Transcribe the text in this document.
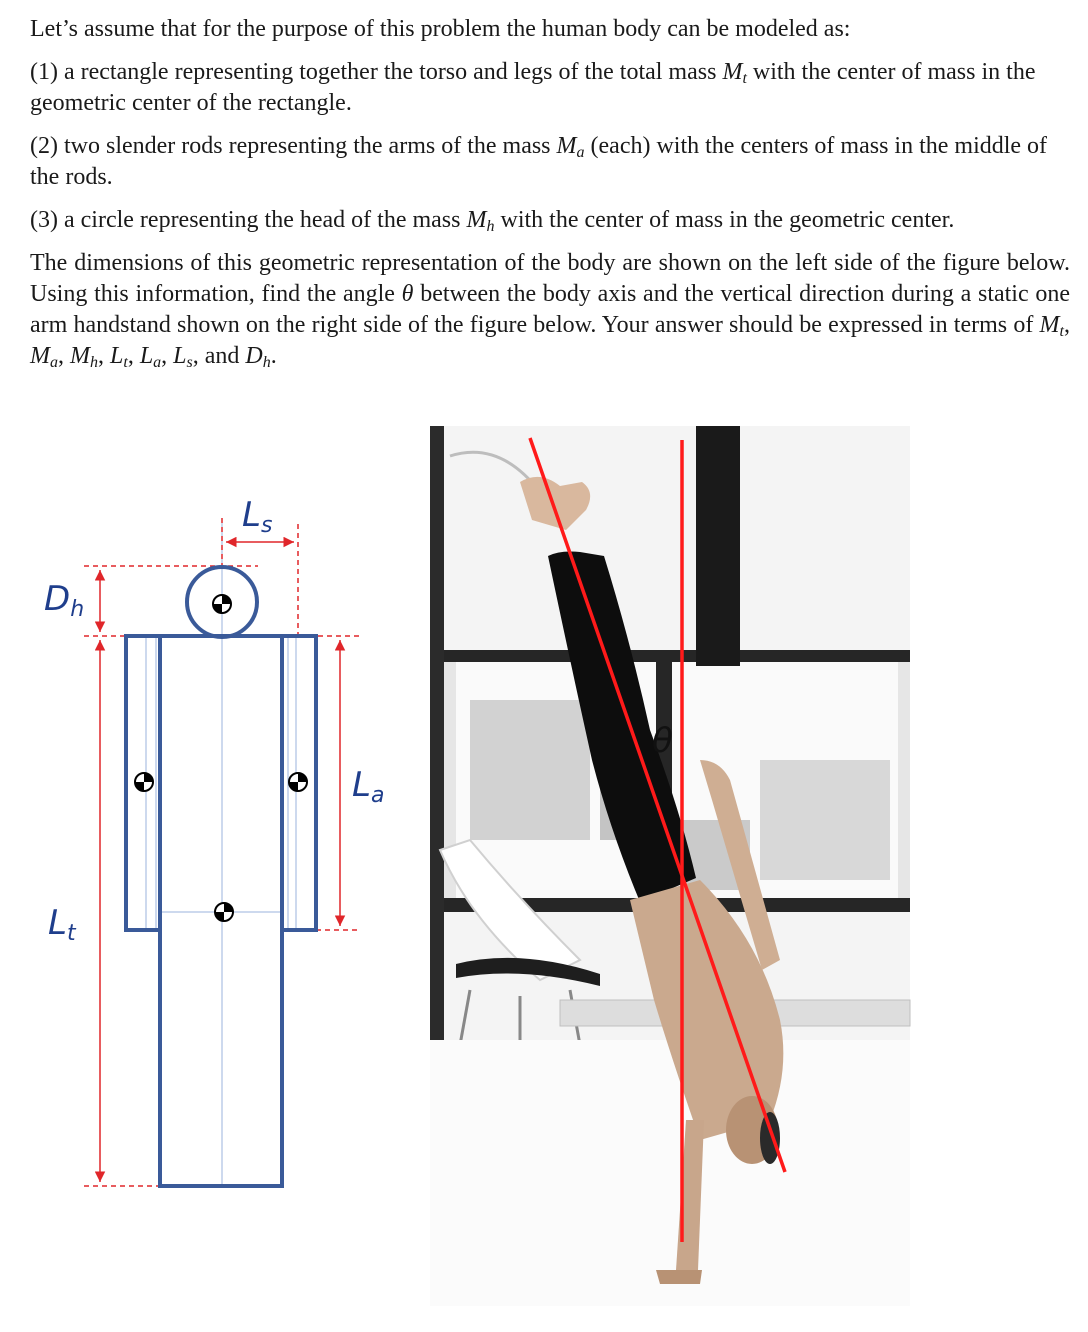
Let’s assume that for the purpose of this problem the human body can be modeled as:

(1) a rectangle representing together the torso and legs of the total mass $M_t$ with the center of mass in the geometric center of the rectangle.

(2) two slender rods representing the arms of the mass $M_a$ (each) with the centers of mass in the middle of the rods.

(3) a circle representing the head of the mass $M_h$ with the center of mass in the geometric center.

The dimensions of this geometric representation of the body are shown on the left side of the figure below. Using this information, find the angle θ between the body axis and the vertical direction during a static one arm handstand shown on the right side of the figure below. Your answer should be expressed in terms of $M_t$, $M_a$, $M_h$, $L_t$, $L_a$, $L_s$, and $D_h$.

Ls
Dh
La
Lt
θ
